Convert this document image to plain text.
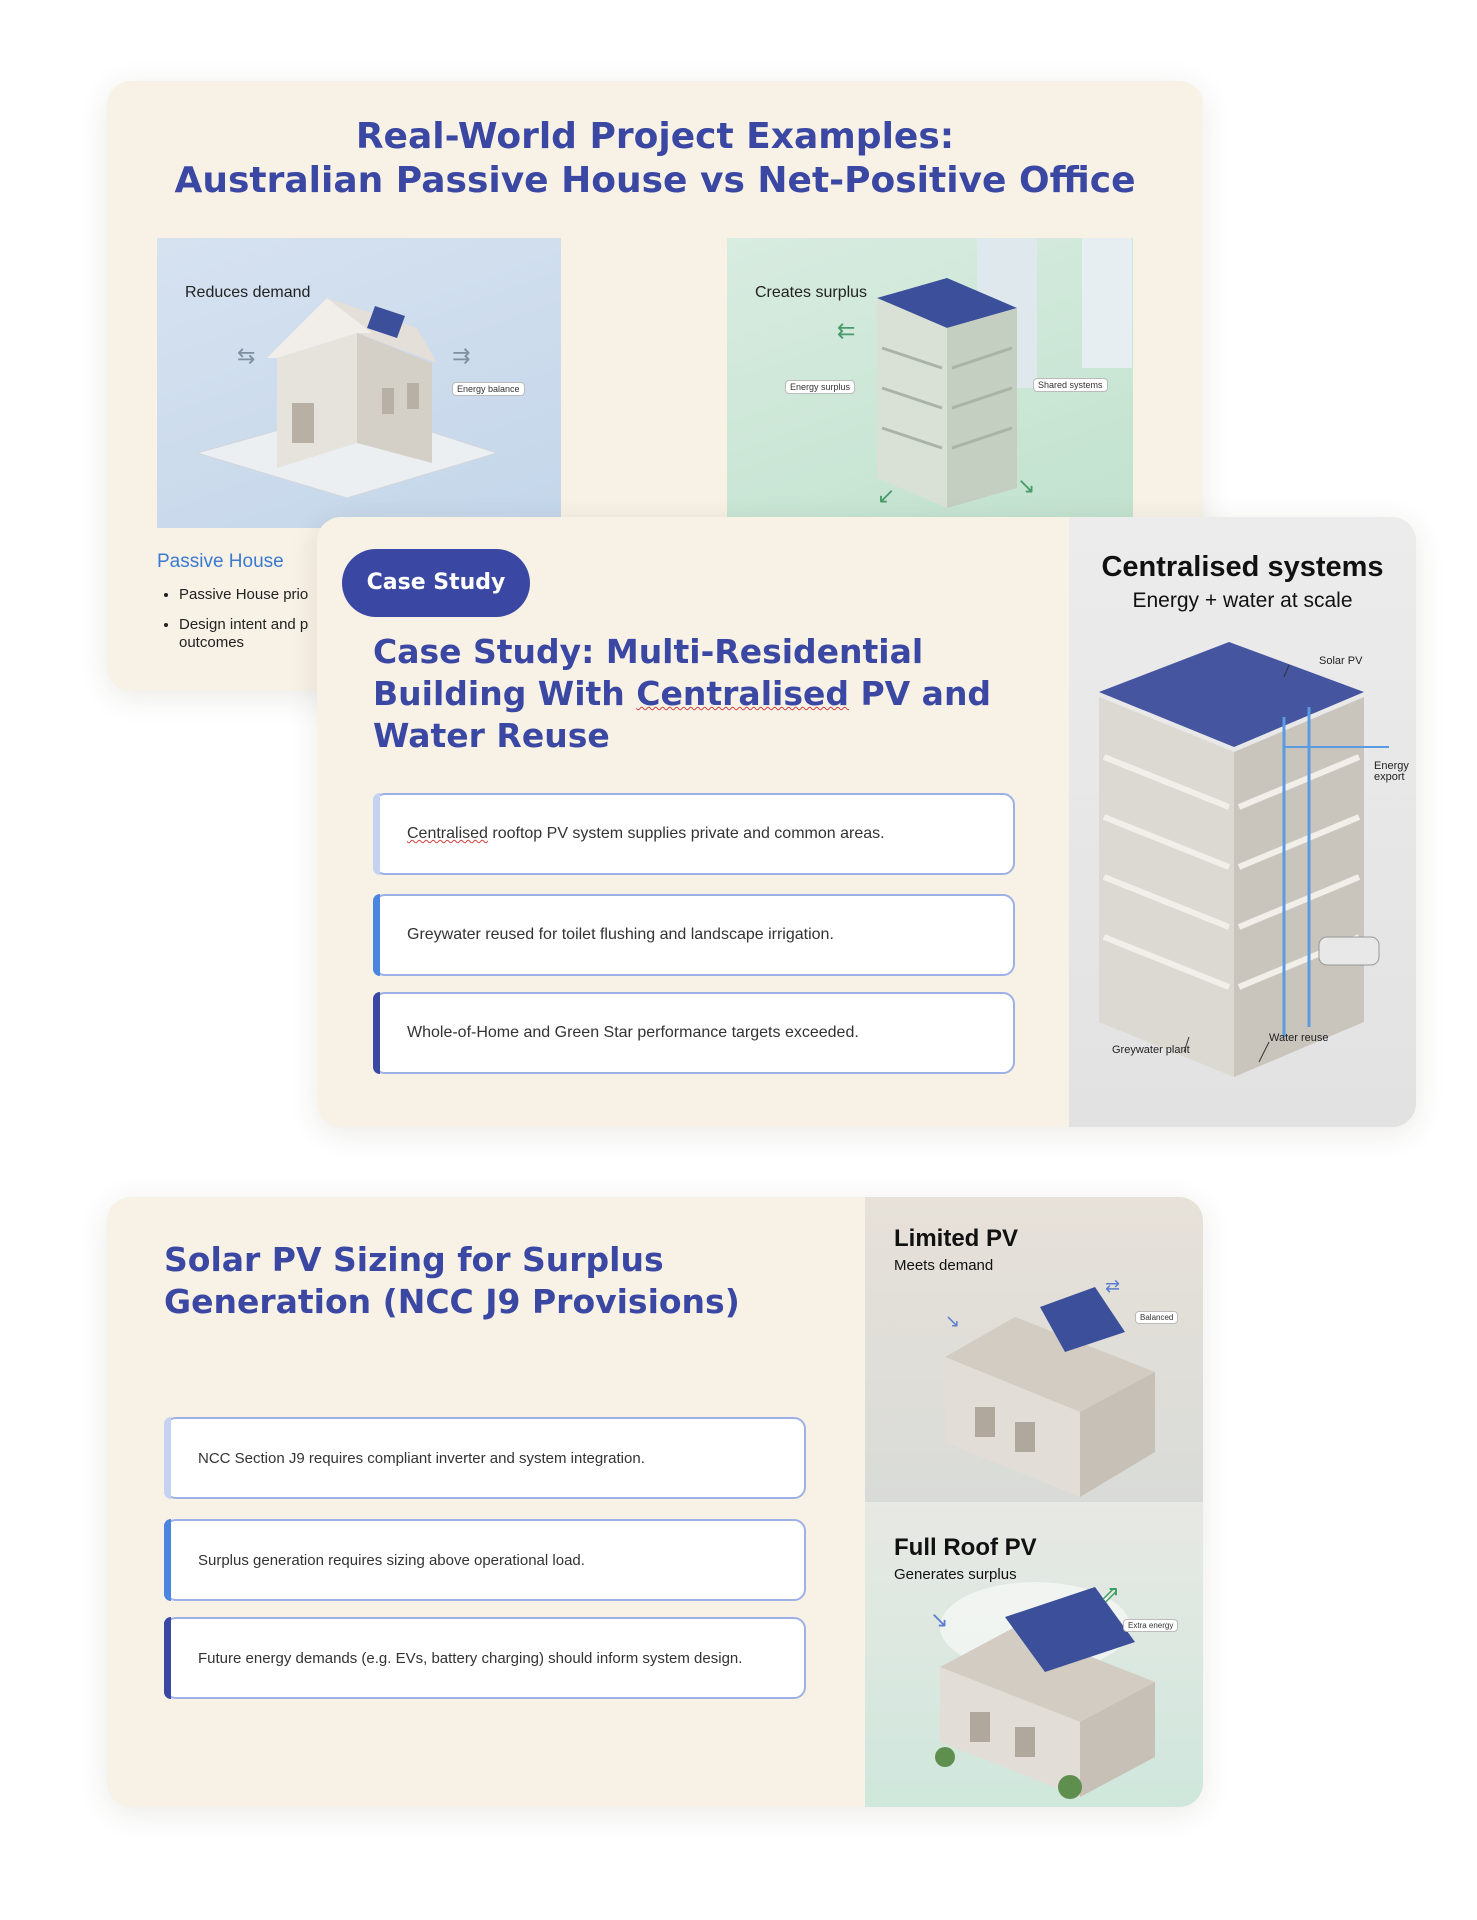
Real-World Project Examples:
Australian Passive House vs Net-Positive Office
Reduces demand
⇆	⇉
Energy balance
⇇
↙	↘
Creates surplus
Energy surplus	Shared systems
Passive House
• Passive House prio
• Design intent and p outcomes
Case Study
Case Study: Multi-Residential Building With Centralised PV and Water Reuse
Centralised rooftop PV system supplies private and common areas.
Greywater reused for toilet flushing and landscape irrigation.
Whole-of-Home and Green Star performance targets exceeded.
Centralised systems
Energy + water at scale
Solar PV
Energy export
Greywater plant
Water reuse
Solar PV Sizing for Surplus Generation (NCC J9 Provisions)
NCC Section J9 requires compliant inverter and system integration.
Surplus generation requires sizing above operational load.
Future energy demands (e.g. EVs, battery charging) should inform system design.
Limited PV
Meets demand
↘
⇄
Balanced
Full Roof PV
Generates surplus
↘
⇗
Extra energy
